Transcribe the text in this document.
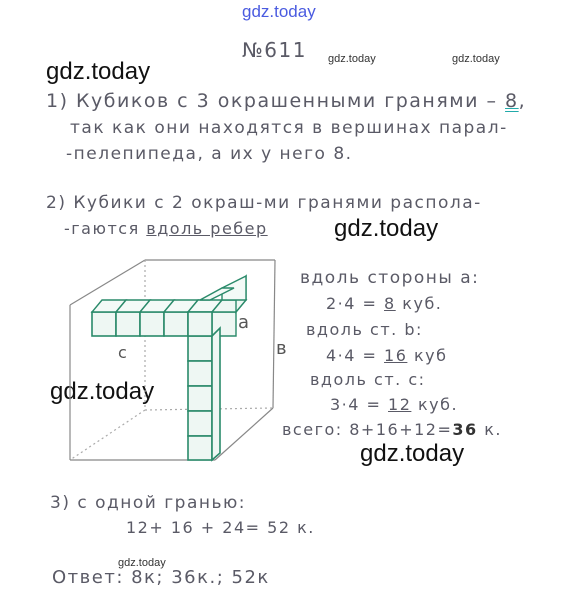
gdz.today
gdz.today	gdz.today
gdz.today
gdz.today
gdz.today
gdz.today
gdz.today
№611
1) Кубиков с 3 окрашенными гранями – 8,
так как они находятся в вершинах парал-
-пелепипеда, а их у него 8.
2) Кубики с 2 окраш-ми гранями распола-
-гаются вдоль ребер
a
в
c
вдоль стороны a:
2·4 = 8 куб.
вдоль ст. b:
4·4 = 16 куб
вдоль ст. c:
3·4 = 12 куб.
всего: 8+16+12=36 к.
3) с одной гранью:
12+ 16 + 24= 52 к.
Ответ: 8к; 36к.; 52к
